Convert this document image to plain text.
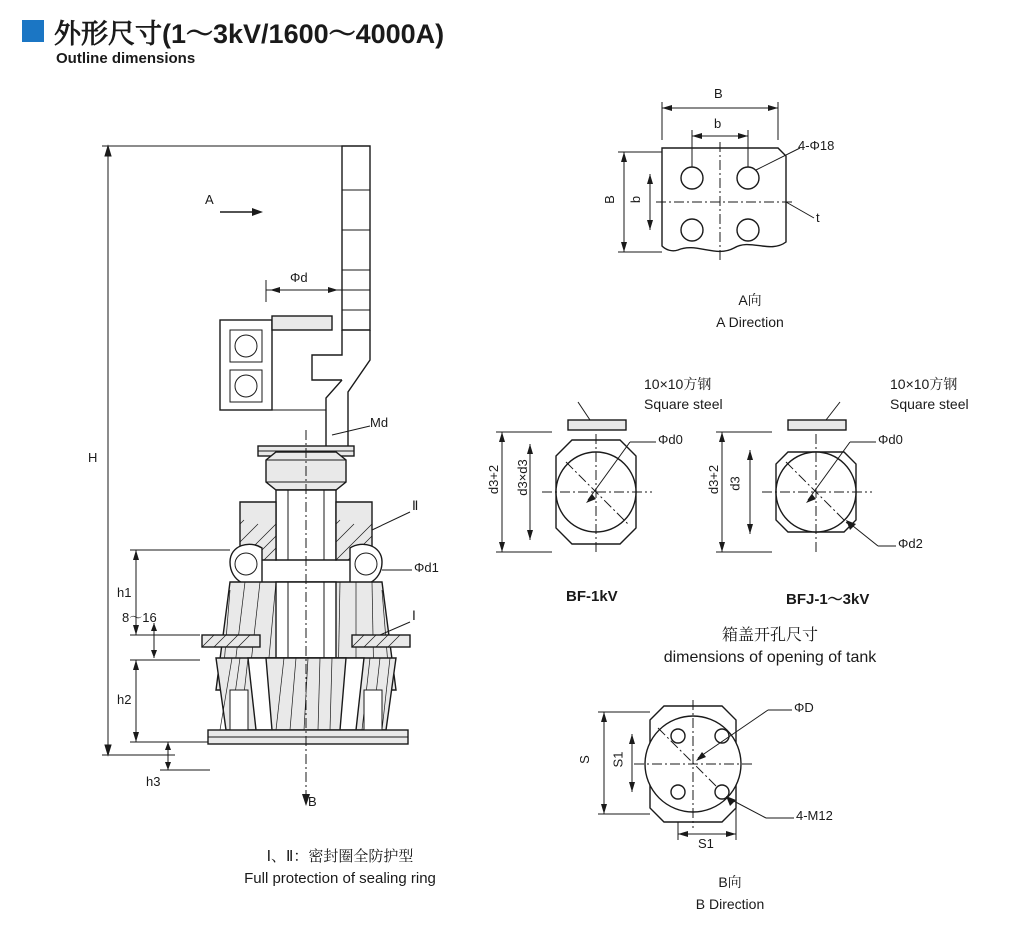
外形尺寸(1～3kV/1600～4000A)
Outline dimensions
H
h1
h2
h3
8～16
A
B
Φd
Md
Φd1
Ⅱ
Ⅰ
Ⅰ、Ⅱ：密封圈全防护型
Full protection of sealing ring
B
b
B b
4-Φ18
t
A向
A Direction
d3+2 d3×d3
Φd0
10×10方钢
Square steel
BF-1kV
d3+2 d3
Φd0
Φd2
10×10方钢
Square steel
BFJ-1～3kV
箱盖开孔尺寸
dimensions of opening of tank
S S1
S1
ΦD
4-M12
B向
B Direction
